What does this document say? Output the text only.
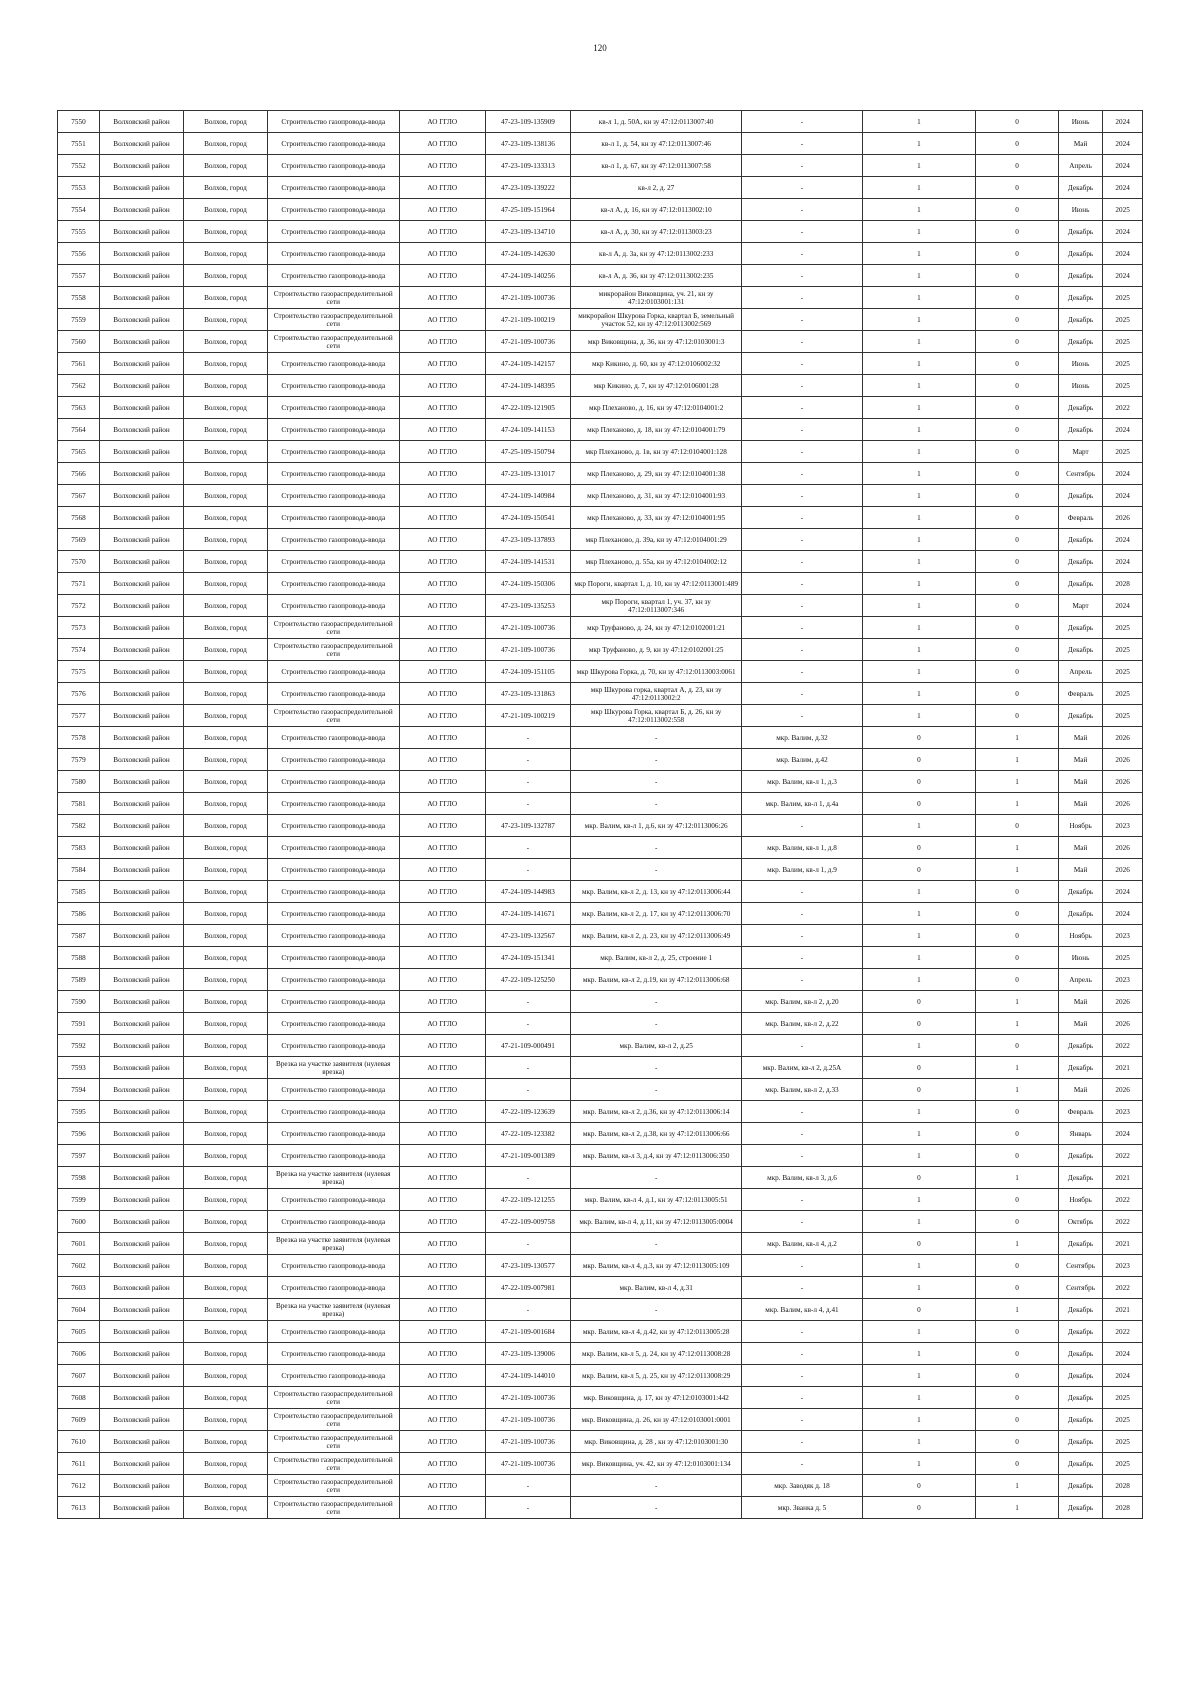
120
7550	Волховский район	Волхов, город	Строительство газопровода-ввода	АО ГГЛО	47-23-109-135909	кв-л 1, д. 50А, кн зу 47:12:0113007:40	-	1	0	Июнь	2024
7551	Волховский район	Волхов, город	Строительство газопровода-ввода	АО ГГЛО	47-23-109-138136	кв-л 1, д. 54, кн зу 47:12:0113007:46	-	1	0	Май	2024
7552	Волховский район	Волхов, город	Строительство газопровода-ввода	АО ГГЛО	47-23-109-133313	кв-л 1, д. 67, кн зу 47:12:0113007:58	-	1	0	Апрель	2024
7553	Волховский район	Волхов, город	Строительство газопровода-ввода	АО ГГЛО	47-23-109-139222	кв-л 2, д. 27	-	1	0	Декабрь	2024
7554	Волховский район	Волхов, город	Строительство газопровода-ввода	АО ГГЛО	47-25-109-151964	кв-л А, д. 16, кн зу 47:12:0113002:10	-	1	0	Июнь	2025
7555	Волховский район	Волхов, город	Строительство газопровода-ввода	АО ГГЛО	47-23-109-134710	кв-л А, д. 30, кн зу 47:12:0113003:23	-	1	0	Декабрь	2024
7556	Волховский район	Волхов, город	Строительство газопровода-ввода	АО ГГЛО	47-24-109-142630	кв-л А, д. 3а, кн зу 47:12:0113002:233	-	1	0	Декабрь	2024
7557	Волховский район	Волхов, город	Строительство газопровода-ввода	АО ГГЛО	47-24-109-140256	кв-л А, д. 36, кн зу 47:12:0113002:235	-	1	0	Декабрь	2024
7558	Волховский район	Волхов, город	Строительство газораспределительной сети	АО ГГЛО	47-21-109-100736	микрорайон Виковщина, уч. 21, кн зу 47:12:0103001:131	-	1	0	Декабрь	2025
7559	Волховский район	Волхов, город	Строительство газораспределительной сети	АО ГГЛО	47-21-109-100219	микрорайон Шкурова Горка, квартал Б, земельный участок 52, кн зу 47:12:0113002:569	-	1	0	Декабрь	2025
7560	Волховский район	Волхов, город	Строительство газораспределительной сети	АО ГГЛО	47-21-109-100736	мкр Виковщина, д. 36, кн зу 47:12:0103001:3	-	1	0	Декабрь	2025
7561	Волховский район	Волхов, город	Строительство газопровода-ввода	АО ГГЛО	47-24-109-142157	мкр Кикино, д. 60, кн зу 47:12:0106002:32	-	1	0	Июнь	2025
7562	Волховский район	Волхов, город	Строительство газопровода-ввода	АО ГГЛО	47-24-109-148395	мкр Кикино, д. 7, кн зу 47:12:0106001:28	-	1	0	Июнь	2025
7563	Волховский район	Волхов, город	Строительство газопровода-ввода	АО ГГЛО	47-22-109-121905	мкр Плеханово, д. 16, кн зу 47:12:0104001:2	-	1	0	Декабрь	2022
7564	Волховский район	Волхов, город	Строительство газопровода-ввода	АО ГГЛО	47-24-109-141153	мкр Плеханово, д. 18, кн зу 47:12:0104001:79	-	1	0	Декабрь	2024
7565	Волховский район	Волхов, город	Строительство газопровода-ввода	АО ГГЛО	47-25-109-150794	мкр Плеханово, д. 1в, кн зу 47:12:0104001:128	-	1	0	Март	2025
7566	Волховский район	Волхов, город	Строительство газопровода-ввода	АО ГГЛО	47-23-109-131017	мкр Плеханово, д. 29, кн зу 47:12:0104001:38	-	1	0	Сентябрь	2024
7567	Волховский район	Волхов, город	Строительство газопровода-ввода	АО ГГЛО	47-24-109-140984	мкр Плеханово, д. 31, кн зу 47:12:0104001:93	-	1	0	Декабрь	2024
7568	Волховский район	Волхов, город	Строительство газопровода-ввода	АО ГГЛО	47-24-109-150541	мкр Плеханово, д. 33, кн зу 47:12:0104001:95	-	1	0	Февраль	2026
7569	Волховский район	Волхов, город	Строительство газопровода-ввода	АО ГГЛО	47-23-109-137893	мкр Плеханово, д. 39а, кн зу 47:12:0104001:29	-	1	0	Декабрь	2024
7570	Волховский район	Волхов, город	Строительство газопровода-ввода	АО ГГЛО	47-24-109-141531	мкр Плеханово, д. 55а, кн зу 47:12:0104002:12	-	1	0	Декабрь	2024
7571	Волховский район	Волхов, город	Строительство газопровода-ввода	АО ГГЛО	47-24-109-150306	мкр Пороги, квартал 1, д. 10, кн зу 47:12:0113001:489	-	1	0	Декабрь	2028
7572	Волховский район	Волхов, город	Строительство газопровода-ввода	АО ГГЛО	47-23-109-135253	мкр Пороги, квартал 1, уч. 37, кн зу 47:12:0113007:346	-	1	0	Март	2024
7573	Волховский район	Волхов, город	Строительство газораспределительной сети	АО ГГЛО	47-21-109-100736	мкр Труфаново, д. 24, кн зу 47:12:0102001:21	-	1	0	Декабрь	2025
7574	Волховский район	Волхов, город	Строительство газораспределительной сети	АО ГГЛО	47-21-109-100736	мкр Труфаново, д. 9, кн зу 47:12:0102001:25	-	1	0	Декабрь	2025
7575	Волховский район	Волхов, город	Строительство газопровода-ввода	АО ГГЛО	47-24-109-151105	мкр Шкурова Горка, д. 70, кн зу 47:12:0113003:0061	-	1	0	Апрель	2025
7576	Волховский район	Волхов, город	Строительство газопровода-ввода	АО ГГЛО	47-23-109-131863	мкр Шкурова горка, квартал А, д. 23, кн зу 47:12:0113002:2	-	1	0	Февраль	2025
7577	Волховский район	Волхов, город	Строительство газораспределительной сети	АО ГГЛО	47-21-109-100219	мкр Шкурова Горка, квартал Б, д. 26, кн зу 47:12:0113002:558	-	1	0	Декабрь	2025
7578	Волховский район	Волхов, город	Строительство газопровода-ввода	АО ГГЛО	-	-	мкр. Валим, д.32	0	1	Май	2026
7579	Волховский район	Волхов, город	Строительство газопровода-ввода	АО ГГЛО	-	-	мкр. Валим, д.42	0	1	Май	2026
7580	Волховский район	Волхов, город	Строительство газопровода-ввода	АО ГГЛО	-	-	мкр. Валим, кв-л 1, д.3	0	1	Май	2026
7581	Волховский район	Волхов, город	Строительство газопровода-ввода	АО ГГЛО	-	-	мкр. Валим, кв-л 1, д.4а	0	1	Май	2026
7582	Волховский район	Волхов, город	Строительство газопровода-ввода	АО ГГЛО	47-23-109-132787	мкр. Валим, кв-л 1, д.6, кн зу 47:12:0113006:26	-	1	0	Ноябрь	2023
7583	Волховский район	Волхов, город	Строительство газопровода-ввода	АО ГГЛО	-	-	мкр. Валим, кв-л 1, д.8	0	1	Май	2026
7584	Волховский район	Волхов, город	Строительство газопровода-ввода	АО ГГЛО	-	-	мкр. Валим, кв-л 1, д.9	0	1	Май	2026
7585	Волховский район	Волхов, город	Строительство газопровода-ввода	АО ГГЛО	47-24-109-144983	мкр. Валим, кв-л 2, д. 13, кн зу 47:12:0113006:44	-	1	0	Декабрь	2024
7586	Волховский район	Волхов, город	Строительство газопровода-ввода	АО ГГЛО	47-24-109-141671	мкр. Валим, кв-л 2, д. 17, кн зу 47:12:0113006:70	-	1	0	Декабрь	2024
7587	Волховский район	Волхов, город	Строительство газопровода-ввода	АО ГГЛО	47-23-109-132567	мкр. Валим, кв-л 2, д. 23, кн зу 47:12:0113006:49	-	1	0	Ноябрь	2023
7588	Волховский район	Волхов, город	Строительство газопровода-ввода	АО ГГЛО	47-24-109-151341	мкр. Валим, кв-л 2, д. 25, строение 1	-	1	0	Июнь	2025
7589	Волховский район	Волхов, город	Строительство газопровода-ввода	АО ГГЛО	47-22-109-125250	мкр. Валим, кв-л 2, д.19, кн зу 47:12:0113006:68	-	1	0	Апрель	2023
7590	Волховский район	Волхов, город	Строительство газопровода-ввода	АО ГГЛО	-	-	мкр. Валим, кв-л 2, д.20	0	1	Май	2026
7591	Волховский район	Волхов, город	Строительство газопровода-ввода	АО ГГЛО	-	-	мкр. Валим, кв-л 2, д.22	0	1	Май	2026
7592	Волховский район	Волхов, город	Строительство газопровода-ввода	АО ГГЛО	47-21-109-000491	мкр. Валим, кв-л 2, д.25	-	1	0	Декабрь	2022
7593	Волховский район	Волхов, город	Врезка на участке заявителя (нулевая врезка)	АО ГГЛО	-	-	мкр. Валим, кв-л 2, д.25А	0	1	Декабрь	2021
7594	Волховский район	Волхов, город	Строительство газопровода-ввода	АО ГГЛО	-	-	мкр. Валим, кв-л 2, д.33	0	1	Май	2026
7595	Волховский район	Волхов, город	Строительство газопровода-ввода	АО ГГЛО	47-22-109-123639	мкр. Валим, кв-л 2, д.36, кн зу 47:12:0113006:14	-	1	0	Февраль	2023
7596	Волховский район	Волхов, город	Строительство газопровода-ввода	АО ГГЛО	47-22-109-123382	мкр. Валим, кв-л 2, д.38, кн зу 47:12:0113006:66	-	1	0	Январь	2024
7597	Волховский район	Волхов, город	Строительство газопровода-ввода	АО ГГЛО	47-21-109-001389	мкр. Валим, кв-л 3, д.4, кн зу 47:12:0113006:350	-	1	0	Декабрь	2022
7598	Волховский район	Волхов, город	Врезка на участке заявителя (нулевая врезка)	АО ГГЛО	-	-	мкр. Валим, кв-л 3, д.6	0	1	Декабрь	2021
7599	Волховский район	Волхов, город	Строительство газопровода-ввода	АО ГГЛО	47-22-109-121255	мкр. Валим, кв-л 4, д.1, кн зу 47:12:0113005:51	-	1	0	Ноябрь	2022
7600	Волховский район	Волхов, город	Строительство газопровода-ввода	АО ГГЛО	47-22-109-009758	мкр. Валим, кв-л 4, д.11, кн зу 47:12:0113005:0004	-	1	0	Октябрь	2022
7601	Волховский район	Волхов, город	Врезка на участке заявителя (нулевая врезка)	АО ГГЛО	-	-	мкр. Валим, кв-л 4, д.2	0	1	Декабрь	2021
7602	Волховский район	Волхов, город	Строительство газопровода-ввода	АО ГГЛО	47-23-109-130577	мкр. Валим, кв-л 4, д.3, кн зу 47:12:0113005:109	-	1	0	Сентябрь	2023
7603	Волховский район	Волхов, город	Строительство газопровода-ввода	АО ГГЛО	47-22-109-007981	мкр. Валим, кв-л 4, д.31	-	1	0	Сентябрь	2022
7604	Волховский район	Волхов, город	Врезка на участке заявителя (нулевая врезка)	АО ГГЛО	-	-	мкр. Валим, кв-л 4, д.41	0	1	Декабрь	2021
7605	Волховский район	Волхов, город	Строительство газопровода-ввода	АО ГГЛО	47-21-109-001684	мкр. Валим, кв-л 4, д.42, кн зу 47:12:0113005:28	-	1	0	Декабрь	2022
7606	Волховский район	Волхов, город	Строительство газопровода-ввода	АО ГГЛО	47-23-109-139006	мкр. Валим, кв-л 5, д. 24, кн зу 47:12:0113008:28	-	1	0	Декабрь	2024
7607	Волховский район	Волхов, город	Строительство газопровода-ввода	АО ГГЛО	47-24-109-144010	мкр. Валим, кв-л 5, д. 25, кн зу 47:12:0113008:29	-	1	0	Декабрь	2024
7608	Волховский район	Волхов, город	Строительство газораспределительной сети	АО ГГЛО	47-21-109-100736	мкр. Виковщина, д. 17, кн зу 47:12:0103001:442	-	1	0	Декабрь	2025
7609	Волховский район	Волхов, город	Строительство газораспределительной сети	АО ГГЛО	47-21-109-100736	мкр. Виковщина, д. 26, кн зу 47:12:0103001:0001	-	1	0	Декабрь	2025
7610	Волховский район	Волхов, город	Строительство газораспределительной сети	АО ГГЛО	47-21-109-100736	мкр. Виковщина, д. 28 , кн зу 47:12:0103001:30	-	1	0	Декабрь	2025
7611	Волховский район	Волхов, город	Строительство газораспределительной сети	АО ГГЛО	47-21-109-100736	мкр. Виковщина, уч. 42, кн зу 47:12:0103001:134	-	1	0	Декабрь	2025
7612	Волховский район	Волхов, город	Строительство газораспределительной сети	АО ГГЛО	-	-	мкр. Заводяк д. 18	0	1	Декабрь	2028
7613	Волховский район	Волхов, город	Строительство газораспределительной сети	АО ГГЛО	-	-	мкр. Званка д. 5	0	1	Декабрь	2028
